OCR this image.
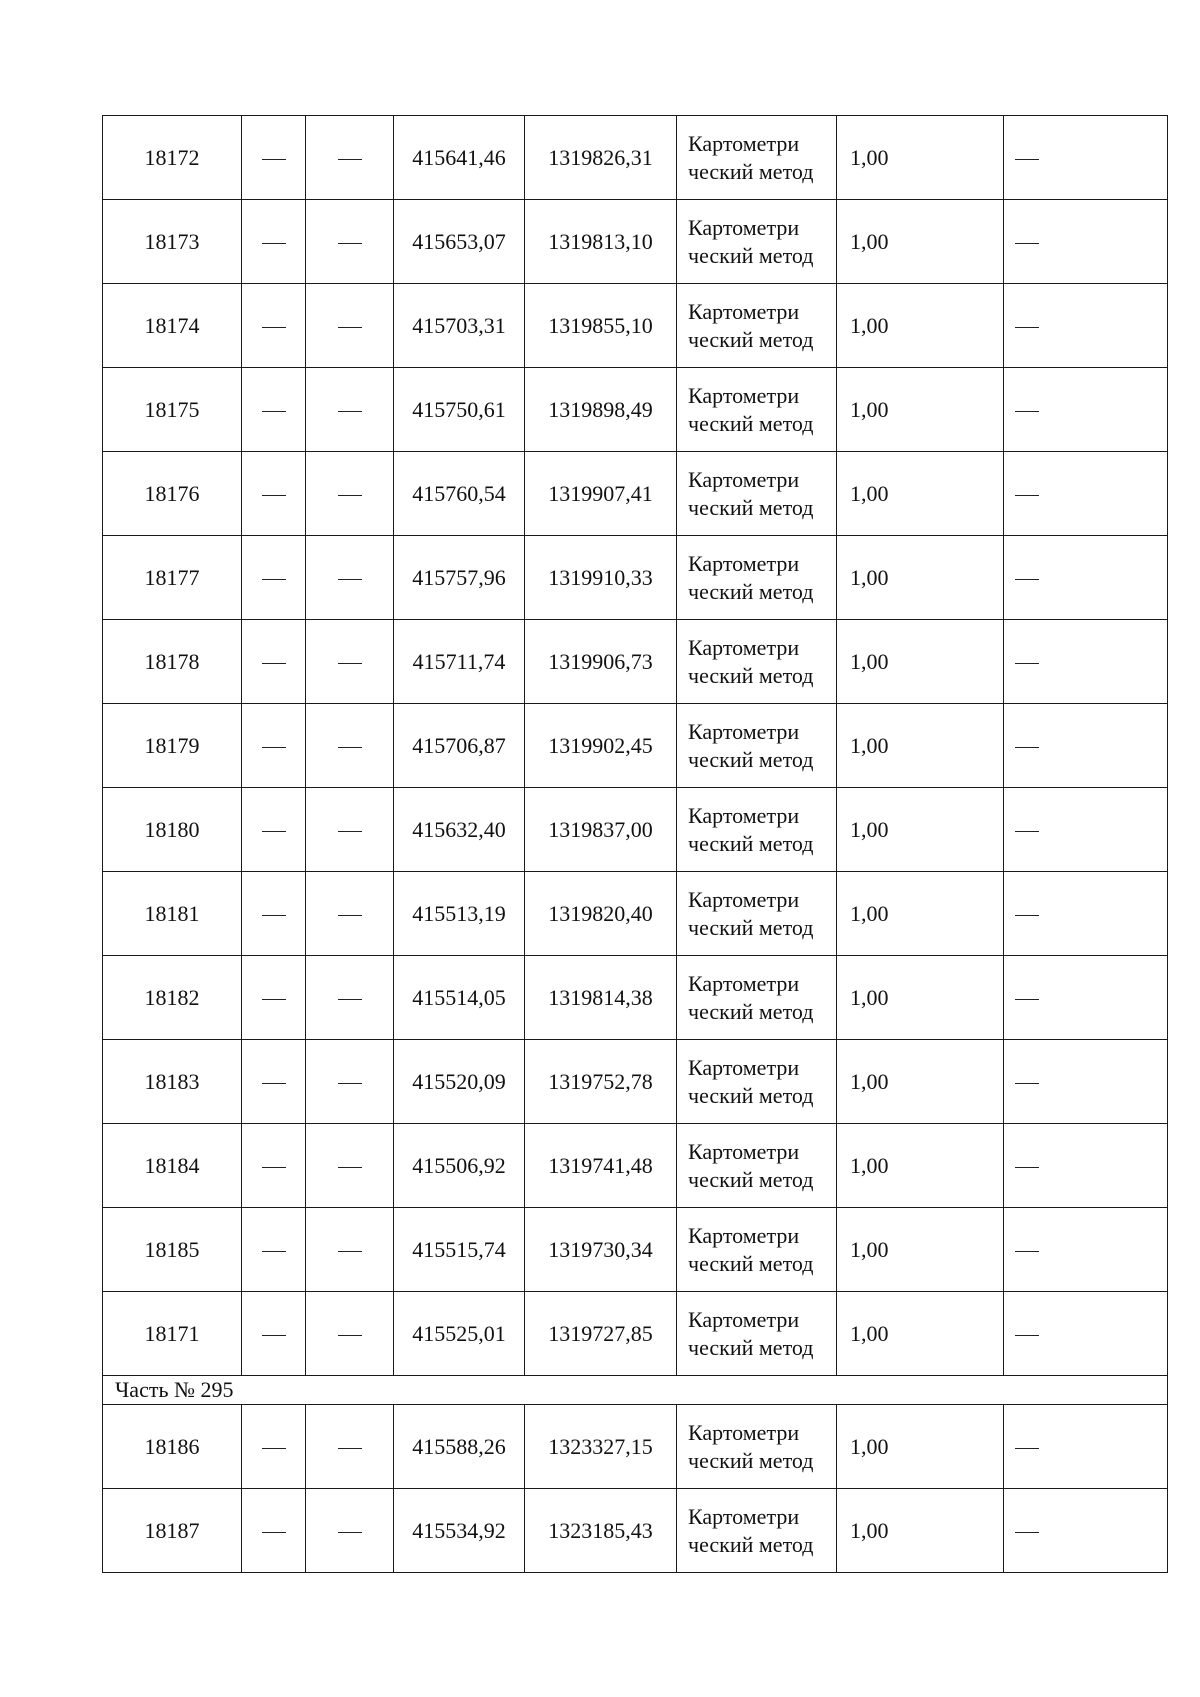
18172			415641,46	1319826,31	Картометри ческий метод	1,00	
18173			415653,07	1319813,10	Картометри ческий метод	1,00	
18174			415703,31	1319855,10	Картометри ческий метод	1,00	
18175			415750,61	1319898,49	Картометри ческий метод	1,00	
18176			415760,54	1319907,41	Картометри ческий метод	1,00	
18177			415757,96	1319910,33	Картометри ческий метод	1,00	
18178			415711,74	1319906,73	Картометри ческий метод	1,00	
18179			415706,87	1319902,45	Картометри ческий метод	1,00	
18180			415632,40	1319837,00	Картометри ческий метод	1,00	
18181			415513,19	1319820,40	Картометри ческий метод	1,00	
18182			415514,05	1319814,38	Картометри ческий метод	1,00	
18183			415520,09	1319752,78	Картометри ческий метод	1,00	
18184			415506,92	1319741,48	Картометри ческий метод	1,00	
18185			415515,74	1319730,34	Картометри ческий метод	1,00	
18171			415525,01	1319727,85	Картометри ческий метод	1,00	
Часть № 295							
18186			415588,26	1323327,15	Картометри ческий метод	1,00	
18187			415534,92	1323185,43	Картометри ческий метод	1,00	
